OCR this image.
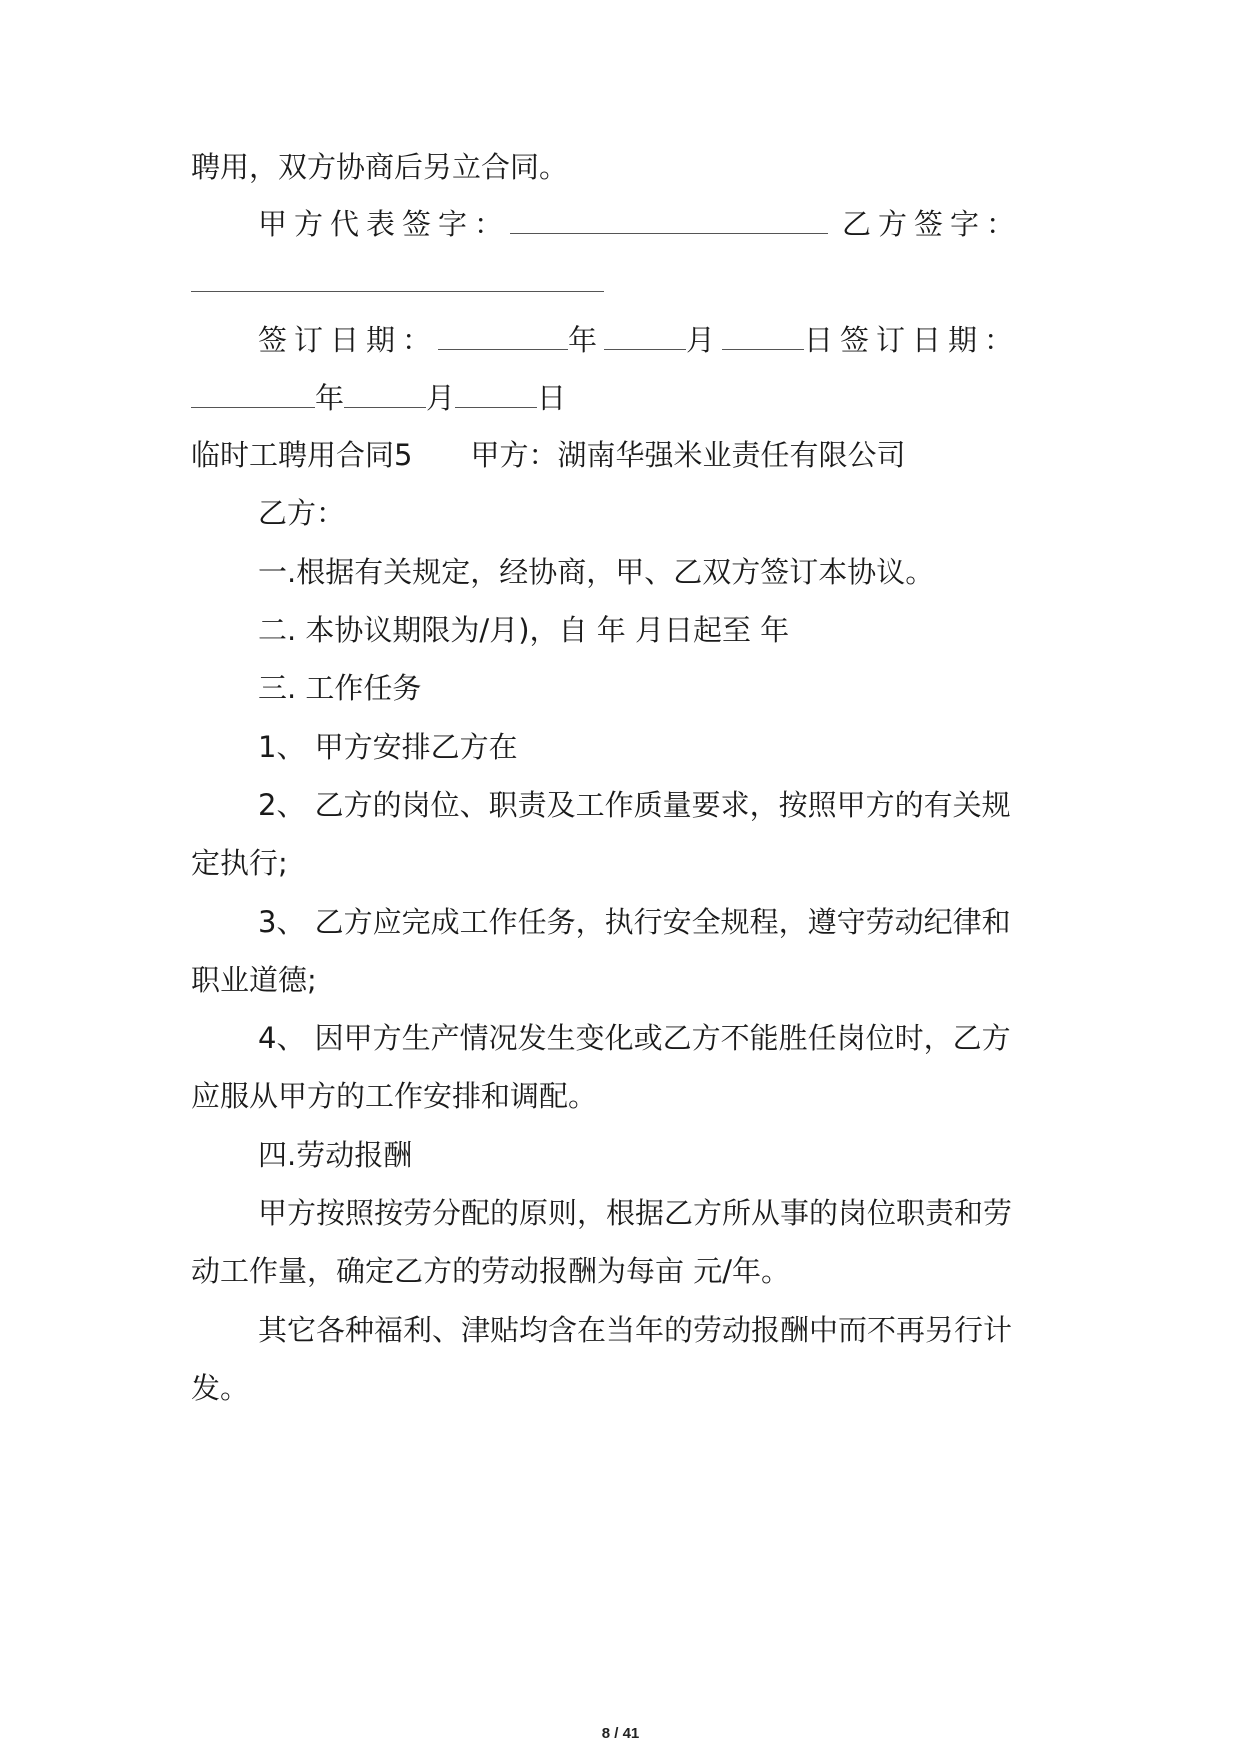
聘用，双方协商后另立合同。
甲方代表签字：	乙方签字：
签订日期：	年	月	日签订日期：
年	月	日
临时工聘用合同5 甲方：湖南华强米业责任有限公司
乙方：
一.根据有关规定，经协商，甲、乙双方签订本协议。
二. 本协议期限为/月)，自 年 月日起至 年
三. 工作任务
1、 甲方安排乙方在
2、 乙方的岗位、职责及工作质量要求，按照甲方的有关规
定执行;
3、 乙方应完成工作任务，执行安全规程，遵守劳动纪律和
职业道德;
4、 因甲方生产情况发生变化或乙方不能胜任岗位时，乙方
应服从甲方的工作安排和调配。
四.劳动报酬
甲方按照按劳分配的原则，根据乙方所从事的岗位职责和劳
动工作量，确定乙方的劳动报酬为每亩 元/年。
其它各种福利、津贴均含在当年的劳动报酬中而不再另行计
发。
8 / 41
